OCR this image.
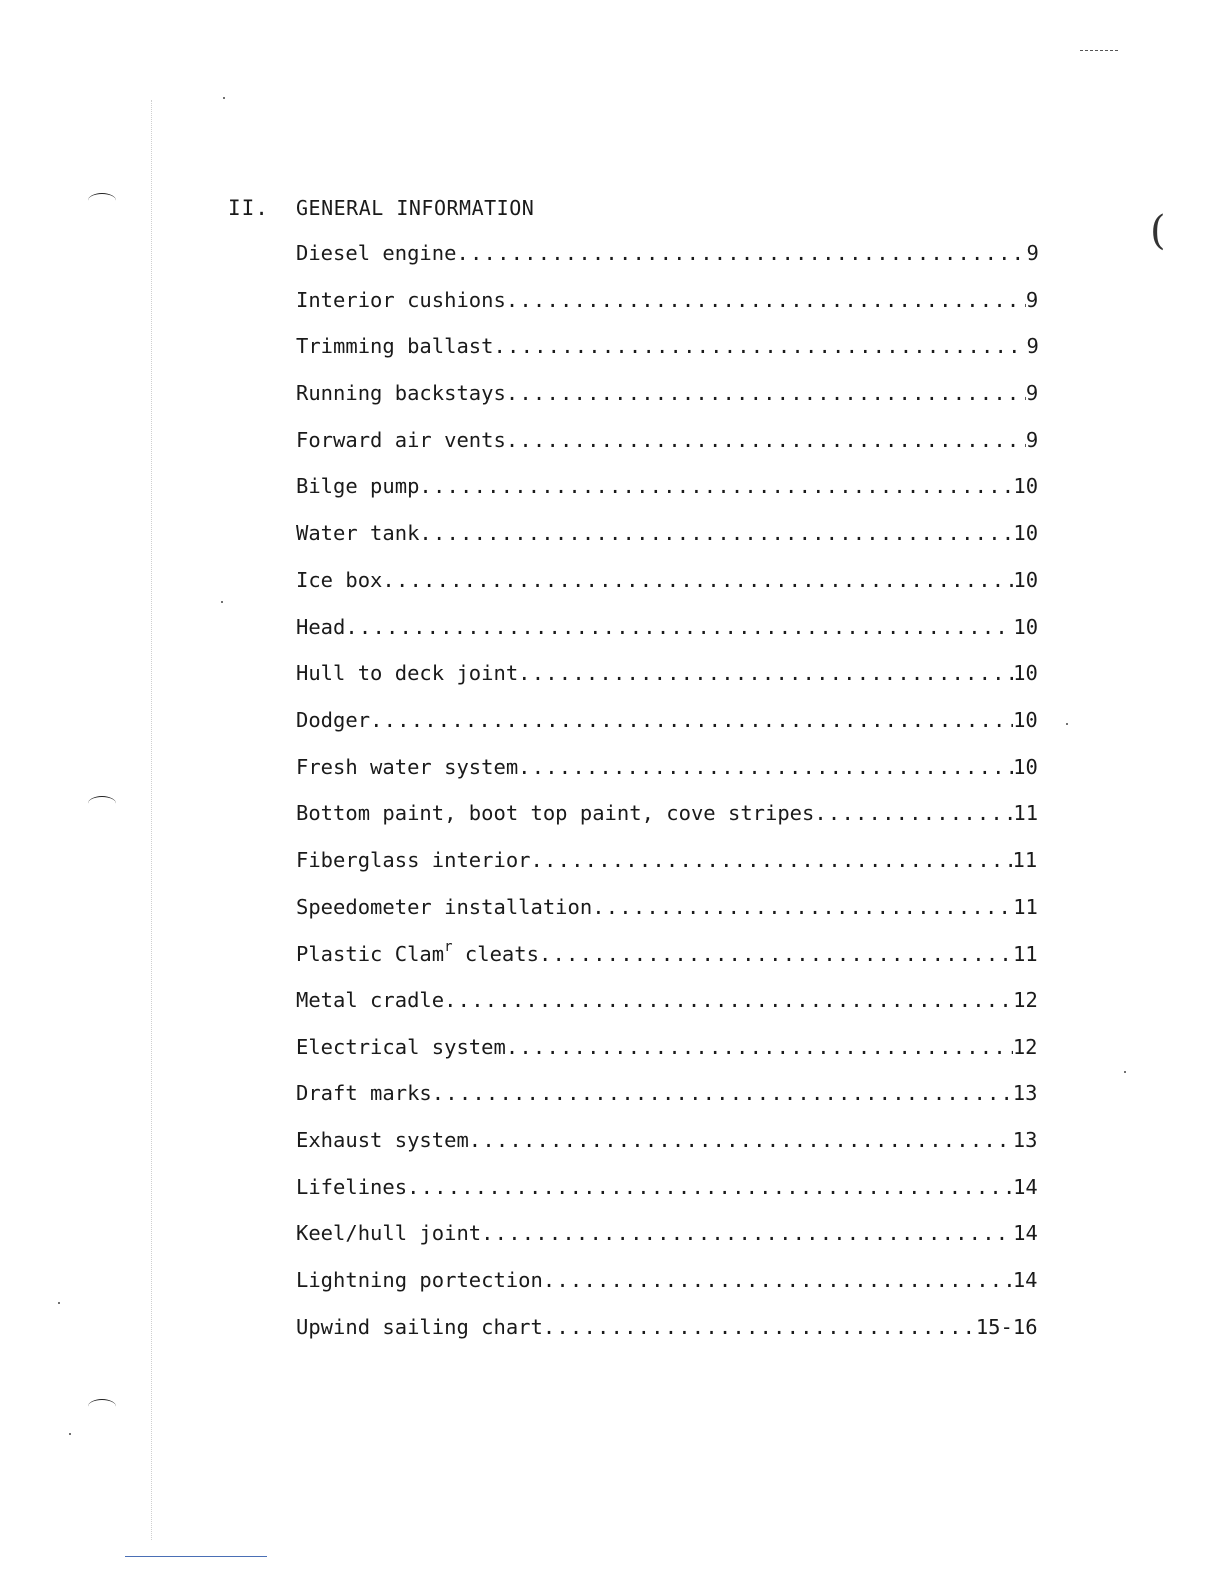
(
II. GENERAL INFORMATION
Diesel engine .....	9
Interior cushions .....	9
Trimming ballast .....	9
Running backstays .....	9
Forward air vents .....	9
Bilge pump .....	10
Water tank .....	10
Ice box .....	10
Head .....	10
Hull to deck joint .....	10
Dodger .....	10
Fresh water system .....	10
Bottom paint, boot top paint, cove stripes .....	11
Fiberglass interior .....	11
Speedometer installation .....	11
Plastic Clam$^r$ cleats .....	11
Metal cradle .....	12
Electrical system .....	12
Draft marks .....	13
Exhaust system .....	13
Lifelines .....	14
Keel/hull joint .....	14
Lightning portection .....	14
Upwind sailing chart .....	15-16
